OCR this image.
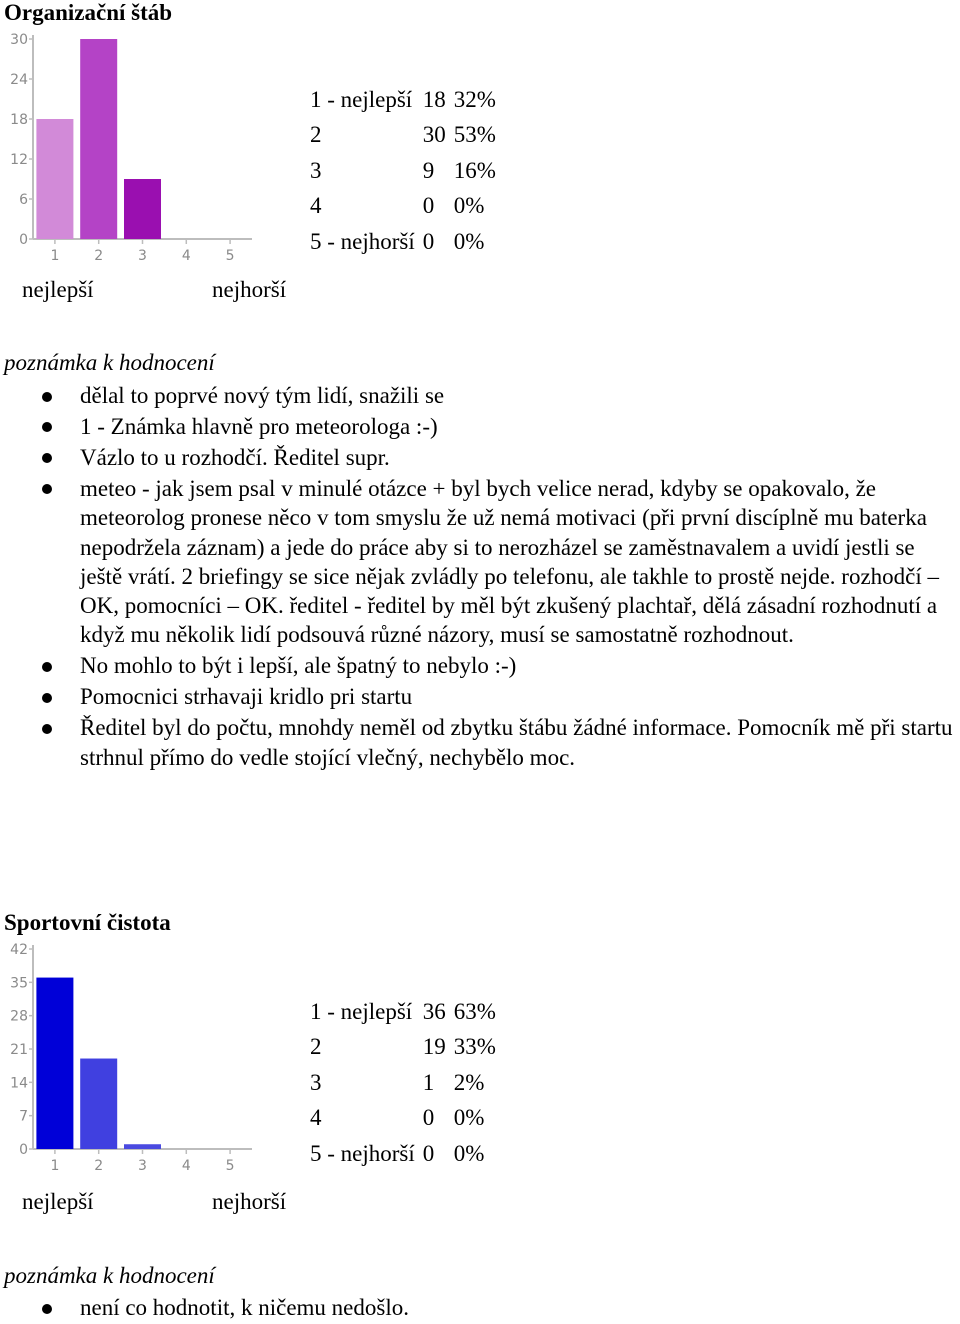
Organizační štáb
0
6
12
18
24
30
1 2 3 4 5
1 - nejlepší	18	32%
2	30	53%
3	9	16%
4	0	0%
5 - nejhorší	0	0%
nejlepší	nejhorší
poznámka k hodnocení
dělal to poprvé nový tým lidí, snažili se
1 - Známka hlavně pro meteorologa :-)
Vázlo to u rozhodčí. Ředitel supr.
meteo - jak jsem psal v minulé otázce + byl bych velice nerad, kdyby se opakovalo, že meteorolog pronese něco v tom smyslu že už nemá motivaci (při první discíplně mu baterka nepodržela záznam) a jede do práce aby si to nerozházel se zaměstnavalem a uvidí jestli se ještě vrátí. 2 briefingy se sice nějak zvládly po telefonu, ale takhle to prostě nejde. rozhodčí – OK, pomocníci – OK. ředitel - ředitel by měl být zkušený plachtař, dělá zásadní rozhodnutí a když mu několik lidí podsouvá různé názory, musí se samostatně rozhodnout.
No mohlo to být i lepší, ale špatný to nebylo :-)
Pomocnici strhavaji kridlo pri startu
Ředitel byl do počtu, mnohdy neměl od zbytku štábu žádné informace. Pomocník mě při startu strhnul přímo do vedle stojící vlečný, nechybělo moc.
Sportovní čistota
0
7
14
21
28
35
42
1 2 3 4 5
1 - nejlepší	36	63%
2	19	33%
3	1	2%
4	0	0%
5 - nejhorší	0	0%
nejlepší	nejhorší
poznámka k hodnocení
není co hodnotit, k ničemu nedošlo.
